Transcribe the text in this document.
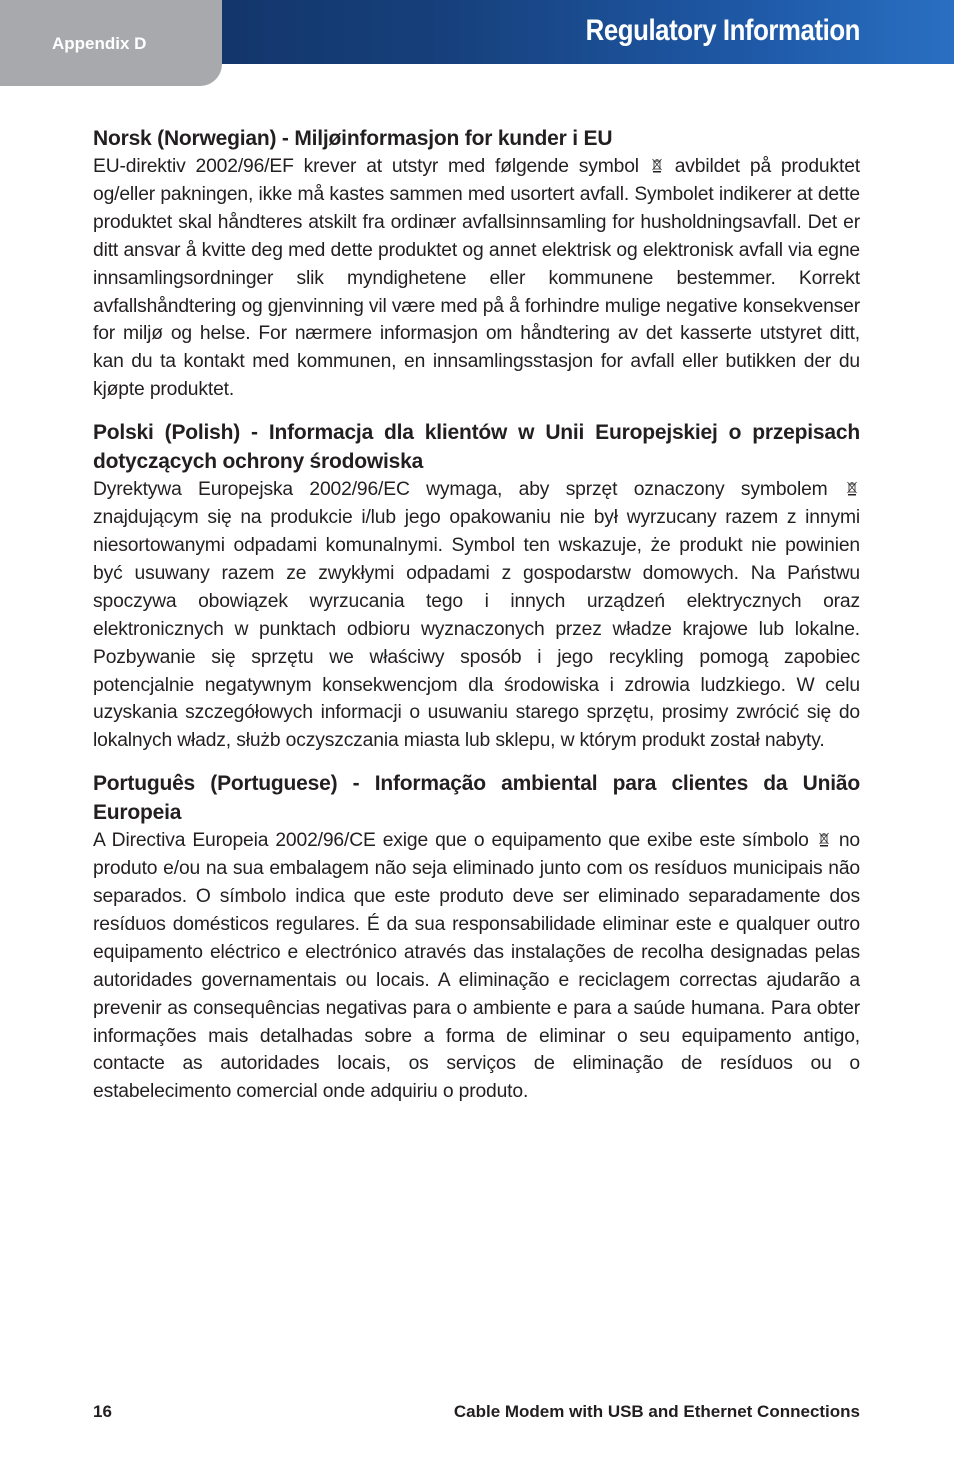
Appendix D	Regulatory Information
Norsk (Norwegian) - Miljøinformasjon for kunder i EU

EU-direktiv 2002/96/EF krever at utstyr med følgende symbol avbildet på produktet og/eller pakningen, ikke må kastes sammen med usortert avfall. Symbolet indikerer at dette produktet skal håndteres atskilt fra ordinær avfallsinnsamling for husholdningsavfall. Det er ditt ansvar å kvitte deg med dette produktet og annet elektrisk og elektronisk avfall via egne innsamlingsordninger slik myndighetene eller kommunene bestemmer. Korrekt avfallshåndtering og gjenvinning vil være med på å forhindre mulige negative konsekvenser for miljø og helse. For nærmere informasjon om håndtering av det kasserte utstyret ditt, kan du ta kontakt med kommunen, en innsamlingsstasjon for avfall eller butikken der du kjøpte produktet.

Polski (Polish) - Informacja dla klientów w Unii Europejskiej o przepisach dotyczących ochrony środowiska

Dyrektywa Europejska 2002/96/EC wymaga, aby sprzęt oznaczony symbolem  znajdującym się na produkcie i/lub jego opakowaniu nie był wyrzucany razem z innymi niesortowanymi odpadami komunalnymi. Symbol ten wskazuje, że produkt nie powinien być usuwany razem ze zwykłymi odpadami z gospodarstw domowych. Na Państwu spoczywa obowiązek wyrzucania tego i innych urządzeń elektrycznych oraz elektronicznych w punktach odbioru wyznaczonych przez władze krajowe lub lokalne. Pozbywanie się sprzętu we właściwy sposób i jego recykling pomogą zapobiec potencjalnie negatywnym konsekwencjom dla środowiska i zdrowia ludzkiego. W celu uzyskania szczegółowych informacji o usuwaniu starego sprzętu, prosimy zwrócić się do lokalnych władz, służb oczyszczania miasta lub sklepu, w którym produkt został nabyty.

Português (Portuguese) - Informação ambiental para clientes da União Europeia

A Directiva Europeia 2002/96/CE exige que o equipamento que exibe este símbolo no produto e/ou na sua embalagem não seja eliminado junto com os resíduos municipais não separados. O símbolo indica que este produto deve ser eliminado separadamente dos resíduos domésticos regulares. É da sua responsabilidade eliminar este e qualquer outro equipamento eléctrico e electrónico através das instalações de recolha designadas pelas autoridades governamentais ou locais. A eliminação e reciclagem correctas ajudarão a prevenir as consequências negativas para o ambiente e para a saúde humana. Para obter informações mais detalhadas sobre a forma de eliminar o seu equipamento antigo, contacte as autoridades locais, os serviços de eliminação de resíduos ou o estabelecimento comercial onde adquiriu o produto.

16	Cable Modem with USB and Ethernet Connections
